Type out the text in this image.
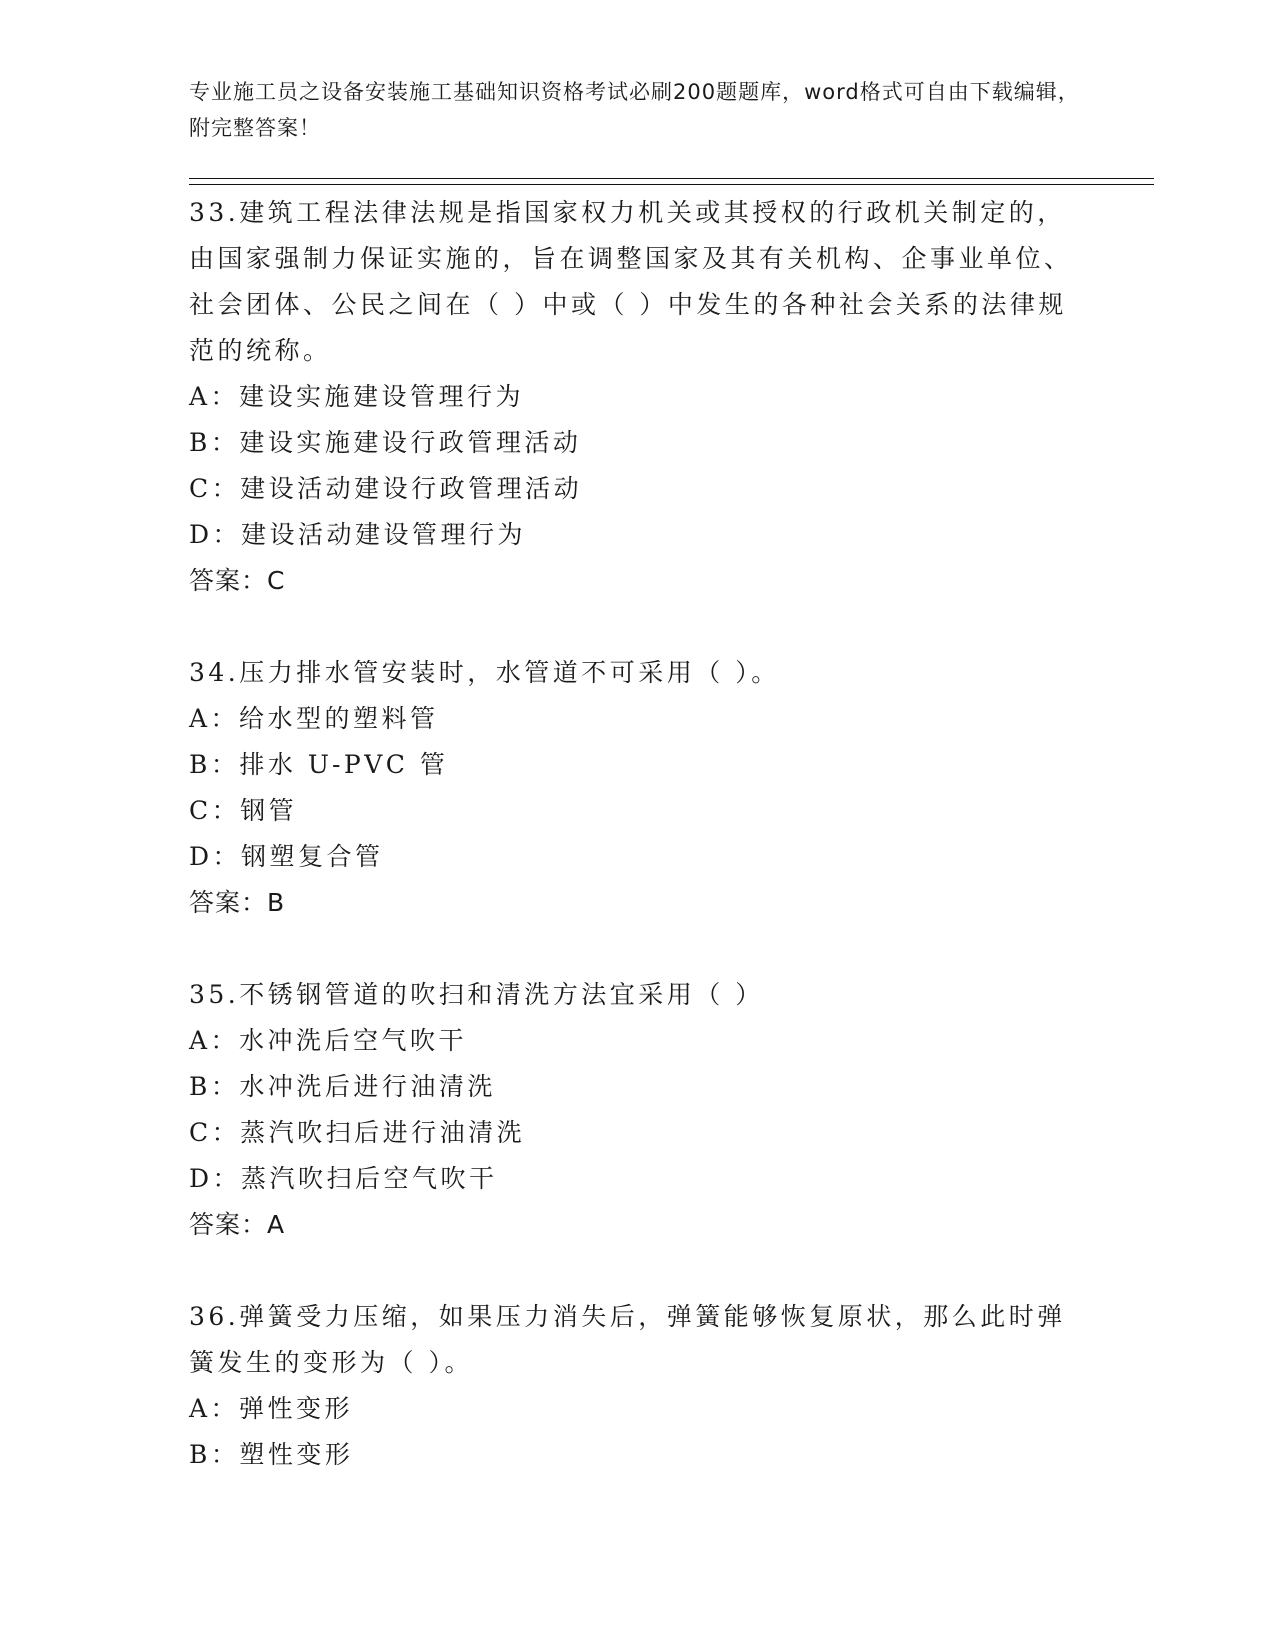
专业施工员之设备安装施工基础知识资格考试必刷200题题库，word格式可自由下载编辑，附完整答案！

33.建筑工程法律法规是指国家权力机关或其授权的行政机关制定的，由国家强制力保证实施的，旨在调整国家及其有关机构、企事业单位、社会团体、公民之间在（ ）中或（ ）中发生的各种社会关系的法律规范的统称。

A：建设实施建设管理行为

B：建设实施建设行政管理活动

C：建设活动建设行政管理活动

D：建设活动建设管理行为

答案：C

34.压力排水管安装时，水管道不可采用（ ）。

A：给水型的塑料管

B：排水 U-PVC 管

C：钢管

D：钢塑复合管

答案：B

35.不锈钢管道的吹扫和清洗方法宜采用（ ）

A：水冲洗后空气吹干

B：水冲洗后进行油清洗

C：蒸汽吹扫后进行油清洗

D：蒸汽吹扫后空气吹干

答案：A

36.弹簧受力压缩，如果压力消失后，弹簧能够恢复原状，那么此时弹簧发生的变形为（ ）。

A：弹性变形

B：塑性变形
